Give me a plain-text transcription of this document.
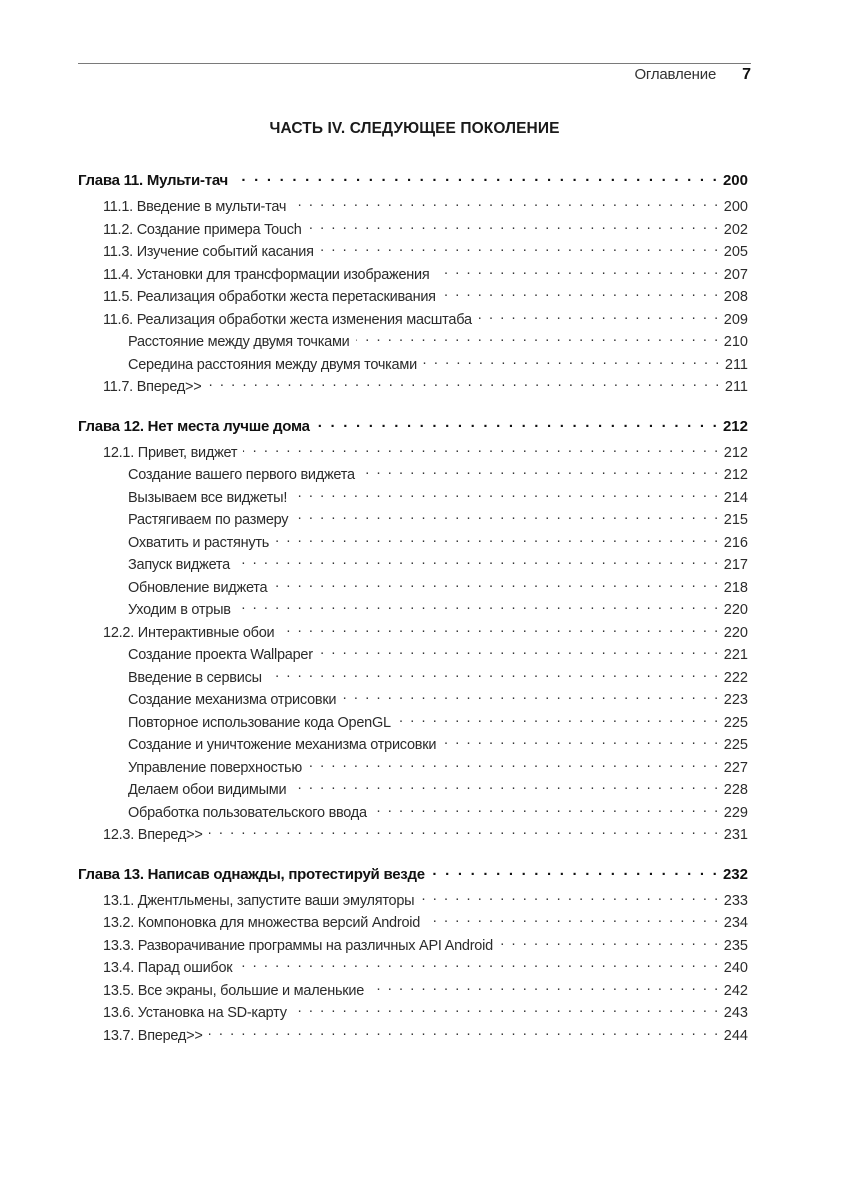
Оглавление 7
ЧАСТЬ IV. СЛЕДУЮЩЕЕ ПОКОЛЕНИЕ
Глава 11. Мульти-тач . . .	200
11.1. Введение в мульти-тач . . .	200
11.2. Создание примера Touch . . .	202
11.3. Изучение событий касания . . .	205
11.4. Установки для трансформации изображения . . .	207
11.5. Реализация обработки жеста перетаскивания . . .	208
11.6. Реализация обработки жеста изменения масштаба . . .	209
Расстояние между двумя точками . . .	210
Середина расстояния между двумя точками . . .	211
11.7. Вперед>> . . .	211
Глава 12. Нет места лучше дома . . .	212
12.1. Привет, виджет . . .	212
Создание вашего первого виджета . . .	212
Вызываем все виджеты! . . .	214
Растягиваем по размеру . . .	215
Охватить и растянуть . . .	216
Запуск виджета . . .	217
Обновление виджета . . .	218
Уходим в отрыв . . .	220
12.2. Интерактивные обои . . .	220
Создание проекта Wallpaper . . .	221
Введение в сервисы . . .	222
Создание механизма отрисовки . . .	223
Повторное использование кода OpenGL . . .	225
Создание и уничтожение механизма отрисовки . . .	225
Управление поверхностью . . .	227
Делаем обои видимыми . . .	228
Обработка пользовательского ввода . . .	229
12.3. Вперед>> . . .	231
Глава 13. Написав однажды, протестируй везде . . .	232
13.1. Джентльмены, запустите ваши эмуляторы . . .	233
13.2. Компоновка для множества версий Android . . .	234
13.3. Разворачивание программы на различных API Android . . .	235
13.4. Парад ошибок . . .	240
13.5. Все экраны, большие и маленькие . . .	242
13.6. Установка на SD-карту . . .	243
13.7. Вперед>> . . .	244
